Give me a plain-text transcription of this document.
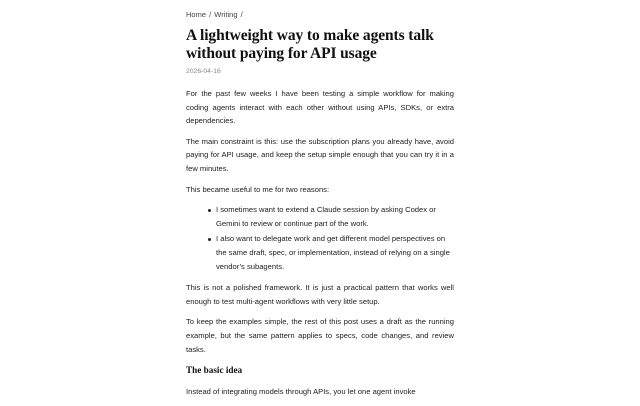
Home / Writing /
A lightweight way to make agents talk without paying for API usage
2026-04-16

For the past few weeks I have been testing a simple workflow for making coding agents interact with each other without using APIs, SDKs, or extra dependencies.

The main constraint is this: use the subscription plans you already have, avoid paying for API usage, and keep the setup simple enough that you can try it in a few minutes.

This became useful to me for two reasons:

I sometimes want to extend a Claude session by asking Codex or Gemini to review or continue part of the work.
I also want to delegate work and get different model perspectives on the same draft, spec, or implementation, instead of relying on a single vendor’s subagents.

This is not a polished framework. It is just a practical pattern that works well enough to test multi-agent workflows with very little setup.

To keep the examples simple, the rest of this post uses a draft as the running example, but the same pattern applies to specs, code changes, and review tasks.

The basic idea

Instead of integrating models through APIs, you let one agent invoke
